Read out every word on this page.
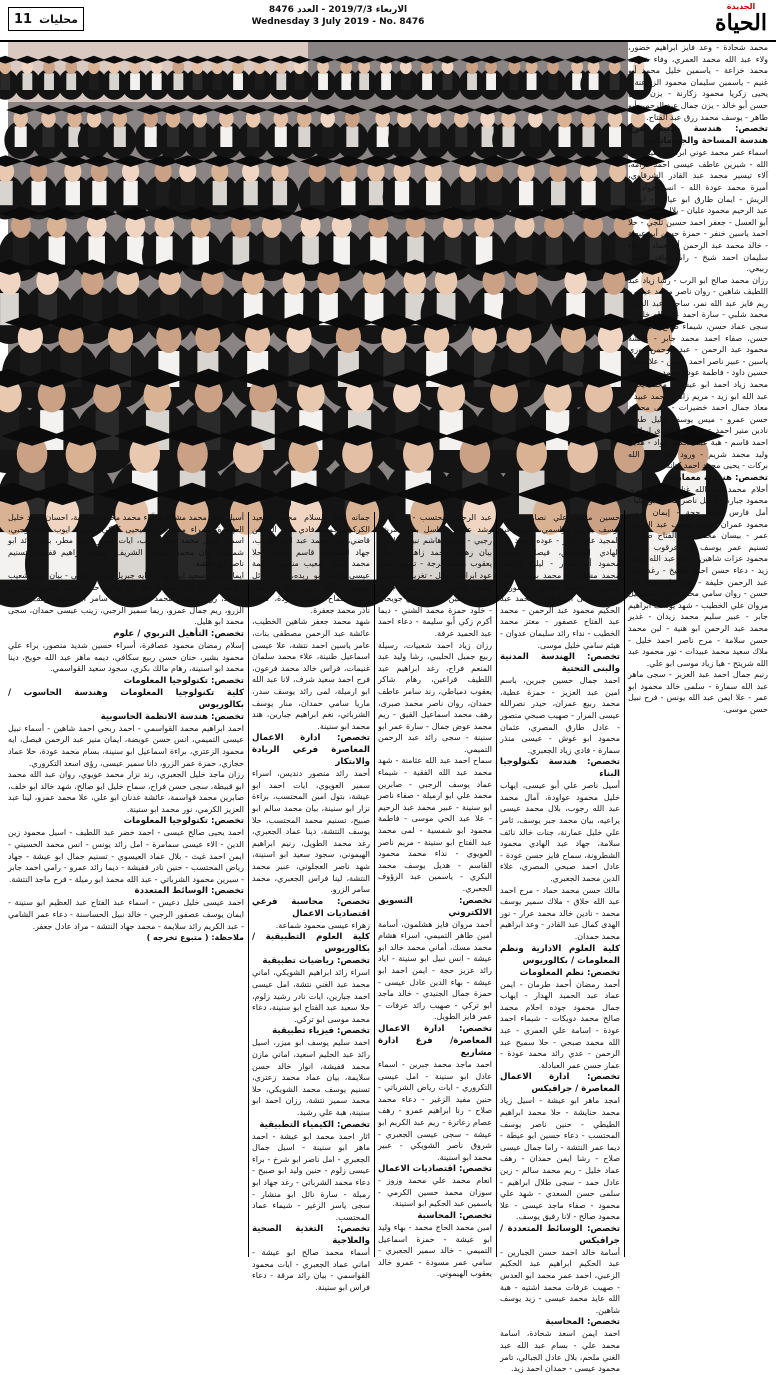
الجديدة
الحياة
الاربعاء 2019/7/3 - العدد 8476
Wednesday 3 July 2019 - No. 8476
11 محليات

محمد شحادة - وعد فايز ابراهيم خضور، ولاء عبد الله محمد العمري، وفاء شريف محمد خزاعة - ياسمين خليل محمد أبو غنيم - ياسمين سليمان محمود الزراعنة - يحيى زكريا محمود زكارنة - يزن عادل حسن أبو خالد - يزن جمال عبد الرحمن أبو طاهر - يوسف محمد رزق عبد الفتاح.

تخصص: هندسة مدنية فرع هندسة المساحة والجيوماتكس

اسماء عمر محمد عوني ابراهيم خليل عطا الله - شيرين عاطف عيسى احمد كرامه، آلاء تيسير محمد عبد القادر الشرقاوي، أميرة محمد عودة الله - انس جواد أبو الريش - ايمان طارق ابو عياش - ايهاب عبد الرحيم محمود عليان - بلال محمد خالد أبو العسل - جعفر احمد حسين ثلجي - حلا احمد ياسين خنفر - حمزة حسن أبو عيطة - خالد محمد عبد الرحمن أبو حماد - دعاء سليمان احمد شيخ - رامي نافذ حسين ربيعي.

رزان محمد صالح ابو الرب - رشا زياد عبد اللطيف شاهين - روان ناصر محمد عيسى، ريم فايز عبد الله نمر، ساجدة عبد الناصر محمد شلبي - سارة احمد عبد الله خليل - سجى عماد حسن، شيماء صالح محمد ابو حسن، صفاء احمد محمد جابر - عائشة محمود عبد الرحمن - عبد الرحمن فوزي ياسين - عبير ناصر احمد ياسين - علا محمد حسين داود - فاطمة عودة محمد جبارين.

محمد زياد احمد ابو عيشة - محمد يحيى عبد الله ابو زيد - مريم زاهي محمد عبيد - معاذ جمال احمد خضيرات - منى محمود حسن عمرو - ميس يوسف خليل طه - نادين منير احمد عودة - نور الهدى ابراهيم احمد قاسم - هبة عبد الحكيم عواد - هديل وليد محمد شريم - ورود علي عبد الله بركات - يحيى محمد احمد كتانة.

تخصص: هندسة معمارية

أحلام محمد عبد الله غنام - آلاء صبري محمود جبارة - أسيل ناصر محمد ابو عليا - أمل فارس أحمد حجة - إيمان سمير محمود عمران - بتول يوسف عبد الرحمن عمر - بيسان محمد عبد الفتاح صلاح - تسنيم عمر يوسف ابو عرقوب - حلا محمود عزات شاهين - دانة عبد الله محمد زيد - دعاء حسن احمد الشيخ - رغد عماد عبد الرحمن خليفة - رهف نادر عطا الله حسن - روان سامي محمد داود - سلسبيل مروان علي الخطيب - شهد يوسف ابراهيم جابر - عبير سليم محمد زيدان - غدير محمد عبد الرحمن ابو هنية - لين محمد حسن سلامة - مرح ناصر احمد خليل - ملاك سعيد محمد عبيدات - نور محمود عبد الله شريتح - هيا زياد موسى ابو علي.

رنيم جمال احمد عبد العزيز - سجى ماهر عبد الله سمارة - سلمى خالد محمود ابو عمر - علا ايمن عبد الله يونس - فرح نبيل حسن موسى.

حسين محمد علي نصار - عمر يوسف يونس فواسمي، عمرو عبد المجيد عامر جابر - عوده محمد عبد الهادي المحاريق، فيصل شحادة محمود أبو شرار - ليلى ابراهيم محمد مشاعلة - محمد بدر سليمان جبارين - محمد عاشور عاشور - محمد عيسى ابو صلاح - محمد عبد الحكيم محمود عبد الرحمن - محمد عبد الفتاح عصفور - معتز محمد الخطيب - نداء رائد سليمان عدوان - هيثم سامي خليل موسى.

تخصص: الهندسة المدنية والبنى التحتية

احمد جمال حسين جبرين، باسم امين عبد العزيز - حمزة عطية، محمد ربيع عمران، حيدر نصرالله عيسى المرار - صهيب صبحي منصور - عادل طارق المصري، عثمان محمود ابو غوش - عيسى منذر سمارة - فادي زياد الجعبري.

تخصص: هندسة تكنولوجيا البناء

أسيل ناصر علي أبو عيسى، ايهاب خليل محمود عواودة، آمال محمد عبد الله رجوب، بلال محمد عيسى يراعيه، بيان محمد جبر يوسف، ثامر علي خليل عمارنة، جنات خالد نائف سلامة، جهاد عبد الهادي محمود الشطرونة، سماح فايز حسن عودة - عادل احمد صبحي المصري، علاء الدين محمد الجعبري.

مالك حسن محمد حماد - مرح احمد عبد الله حلاق - ملاك سمير يوسف محمد - نادين خالد محمد عرار - نور الهدى كمال عبد القادر - وعد ابراهيم محمد حمدان.

كلية العلوم الادارية ونظم المعلومات / بكالوريوس
تخصص: نظم المعلومات

أحمد رمضان أحمد طرمان - ايمن عماد عبد الحميد الهدار - ايهاب جمال محمود جوده احلام محمد صالح محمد دويكات - شيماء احمد عودة - اسامة علي العمري - عبد الله محمد صبحي - حلا سميح عبد الرحمن - عدي رائد محمد عودة - عمار حسن عمر العبادلة.

تخصص: ادارة الاعمال المعاصرة / جرافيكس

امجد ماهر ابو عيشة - اسيل زياد محمد حنايشة - حلا محمد ابراهيم الطيطي - حنين ناصر يوسف المحتسب - دعاء حسين ابو عيطة - ديما عمر النتشة - راما جمال عيسى صلاح - رشا ايمن حمدان - رهف عماد خليل - ريم محمد سالم - زين عادل حمد - سجى طلال ابراهيم - سلمى حسن السعدي - شهد علي محمود - صفاء ماجد عيسى - علا محمود صالح - لانا رفيق يوسف.

تخصص: الوسائط المتعددة / جرافيكس

أسامة خالد احمد حسن الجبارين - عبد الحكيم ابراهيم عبد الحكيم الزعبي، احمد عمر محمد ابو العدس - صهيب عرفات محمد اشتيه - هبة الله عايد محمد عيسى - زيد يوسف شاهين.

تخصص: المحاسبة

احمد ايمن اسعد شحادة، اسامة محمد علي - بسام عبد الله عبد الغني ملحم، بلال عادل الجبالي، تامر محمود عيسى - حمدان احمد زيد.

عبد الرحمن محتسب - ايه كامل رشد عرفه - باسل بشار مرشد رجبي - بشائر هاشم نبيل شاهين، بيان زهدي محمد زاهدة - بيان يعقوب محمد قرجة - تسنيم امين عود ابراهيم نوفل - تغريد اسماعيل محمد عاشور - جنان حسن جميل جعبري، حنين ناجي حمدي جويحان - خلود حمزة محمد الشني - ديما أكرم زكي أبو سليمة - دعاء احمد عبد الحميد عرفة.

رزان زياد احمد شعبيات، رسيلة ربيع جميل الحليبي، رشا وليد عبد المنعم فراح، رغد ابراهيم عبد اللطيف قراعين، رهام شاكر يعقوب دمياطي، رند سامر عاطف حمدان، روان ناصر محمد صبرى، رهف محمد اسماعيل القيق - ريم محمد عوض جمال - سارة عمر ابو سنينة - سجى رائد عبد الرحمن التميمي.

سماح احمد عبد الله عثامنة - شهد محمد عبد الله الفقية - شيماء عماد يوسف الرجبي - صابرين محمد علي ابو ارميلة - صفاء ناصر ابو سنينة - عبير محمد عبد الرحيم - علا عبد الحي موسى - فاطمة محمود ابو شمسية - لمى محمد عبد الفتاح ابو سنينة - مريم ناصر العويوي - نداء محمد محمود القاسم - هديل يوسف محمد البكري - ياسمين عبد الرؤوف الجعبري.

تخصص: التسويق الالكتروني

أحمد مروان فايز هشلمون، أسامة امين طاهر التميمي، اسراء هشام محمد مسك، أماني محمد خالد ابو عيشة - انس نبيل ابو سنينة - اياد رائد عزيز حجة - ايمن احمد ابو عيشة - بهاء الدين عادل عيسى - حمزة جمال الجنيدي - خالد ماجد ابو تركي - صهيب رائد عرفات - عمر فايز الطويل.

تخصص: ادارة الاعمال المعاصرة/ فرع ادارة مشاريع

احمد ماجد محمد جبرين - اسماء عادل ابو سنينة - امل عيسى التكروري - ايات رياض الشرباتي - حنين مفيد الزغير - دعاء محمد صلاح - رنا ابراهيم عمرو - رهف عصام زعاترة - ريم عبد الكريم ابو عيشة - سجى عيسى الجعبري - شروق ناصر الشويكي - عبير محمد ابو اسنينة.

تخصص: اقتصاديات الاعمال

انعام محمد علي محمد وزوز - سوزان محمد حسين الكرمي - ياسمين عبد الحكيم ابو اسنينة.

تخصص: المحاسبة

امين محمد الحاج محمد - بهاء وليد ابو عيشة - حمزة اسماعيل التميمي - خالد سمير الجعبري - سامي عمر مسودة - عمرو خالد يعقوب الهيموني.

جمانه عبد السلام محمد اسعيد الكركي، جمانه فادي عبد الرحمن قاضي، جنه محمد عبد الله الغريب، جهاد اسماعيل قاسم بخاري، حلا محمد شاكر شعيب منصور، رحمة عيسى احمد ابو ريده، رزان نائل عيسى عرقة، رنين ايهاب رشاد زغير، سماح رشيد عواودة، ميس نادر محمد جعفرة.

شهد محمد جعفر شاهين الخطيب، عائشة عبد الرحمن مصطفى بنات، عامر ياسين احمد نتشة، علا عيسى اسماعيل طنينة، علاء محمد سلمان غنيمات، فراس خالد محمد فرعون، فرح احمد سعيد شرف، لانا عبد الله ابو ارميلة، لمى رائد يوسف سدر، ماريا سامي حمدان، منار يوسف الشرباتي، نغم ابراهيم جبارين، هند محمد ابو سنينة.

تخصص: ادارة الاعمال المعاصرة فرعي الريادة والابتكار

أحمد رائد منصور دنديس، اسراء سمير العويوي، ايات احمد ابو عيشة، بتول امين المحتسب، براءة نزار ابو سنينة، بيان محمد سالم ابو صبيح، تسنيم محمد المحتسب، حلا يوسف النتشة، دينا عماد الجعبري، رغد محمد الطويل، رنيم ابراهيم الهيموني، سجود سعيد ابو اسنينة، شهد ناصر العجلوني، عبير محمد النتشة، لينا فراس الجعبري، محمد سامر الزرو.

تخصص: محاسبة فرعي اقتصاديات الاعمال

زهراء عيسى محمود شماعة.

كلية العلوم التطبيقية / بكالوريوس
تخصص: رياضيات تطبيقية

اسراء رائد ابراهيم الشويكي، اماني محمد عبد الغني نتشة، امل عيسى احمد جبارين، ايات نادر رشيد زلوم، حلا سعيد عبد الفتاح ابو سنينة، دعاء محمد موسى ابو تركي.

تخصص: فيزياء تطبيقية

احمد سليم يوسف ابو ميزر، اسيل رائد عبد الحليم اسعيد، اماني مازن محمد قفيشة، انوار خالد حسن سلايمة، بيان عماد محمد زعتري، تسنيم يوسف محمد الشويكي، حلا محمد سمير نتشة، رزان احمد ابو سنينة، هبة علي رشيد.

تخصص: الكيمياء التطبيقية

اثار احمد محمد ابو عيشة - احمد ماهر ابو سنينة - اسيل جمال الجعبري - امل ناصر ابو شرخ - براء عيسى زلوم - حنين وليد ابو صبيح - دعاء محمد الشرباتي - رغد جهاد ابو رميلة - سارة نائل ابو منشار - سجى ياسر الزغير - شيماء عماد المحتسب.

تخصص: التغذية الصحية والعلاجية

أسماء محمد صالح ابو عيشة - اماني عماد الجعبري - ايات محمود القواسمي - بيان رائد مرقة - دعاء فراس ابو سنينة.

أسيل وائل محمد مشاهرة، آلاء محمد محمود مراعبة، احسان احمد خليل العواودة، اسراء محمد حازم يحيى كركي، اسراء ايوب حامد رجبي، اسماء نضال محمد جمال ايوب، ايات سمير احمد مطر، بتول رائد ابو شمسية، بيان محمد سلطان الشريف، بيسان ابراهيم قفيشة، تسنيم ناصر ابو عيشة.

ايمان ناصر سعيد ابو الهيجا - ايه جبريل محمد اقنيبي - بيان جهاد شعيب سلايمة - بيان ديب محمود طه ابو صالح، حنين خليل حسن اسماعيل مجاهد، رزان حسين محمد الالهيه، رغد سامر ابو سنينة، رهف فراس الزرو، ريم جمال عمرو، ريما سمير الرجبي، زينب عيسى حمدان، سجى محمد ابو هليل.

تخصص: التأهيل التربوي / علوم

إسلام رمضان محمود عصافرة، أسراء حسين شديد منصور، براء علي محمود بشير، حنان حسن ربيع سكافي، ديمه ماهر عبد الله حويح، دينا محمد ابو اسنينة، رهام مالك بكري، سجود سعيد القواسمي.

تخصص: تكنولوجيا المعلومات
كلية تكنولوجيا المعلومات وهندسة الحاسوب / بكالوريوس
تخصص: هندسة الانظمة الحاسوبية

احمد ابراهيم محمد القواسمي - احمد ربحي احمد شاهين - أسماء نبيل عيسى التميمي، انس حسن عويضة، ايمان منير عبد الرحمن فيصل، ايه محمود الزعتري، براءة اسماعيل ابو سنينة، بسام محمد عودة، حلا عماد حجازي، حمزة عمر الزرو، دانا سمير عيسى، رؤى اسعد التكروري.

رزان ماجد خليل الجعبري، رند نزار محمد عويوي، روان عبد الله محمد ابو قبيطة، سجى حسن فراح، سماح خليل ابو صالح، شهد خالد ابو خلف، صابرين محمد قواسمة، عائشة عدنان ابو علي، علا محمد عمرو، لينا عبد العزيز الكرمي، نور محمد ابو سنينة.

تخصص: تكنولوجيا المعلومات

احمد يحيى صالح عيسى - احمد خضر عبد اللطيف - اسيل محمود زين الدين - الاء عيسى سمامرة - امل رائد يونس - انس محمد الحسيني - ايمن احمد غيث - بلال عماد العيسوي - تسنيم جمال ابو عيشة - جهاد رياض المحتسب - حنين نادر قفيشة - ديما رائد عمرو - رامي احمد جابر - سيرين محمود الشرباتي - عبد الله محمد ابو رميلة - فرح ماجد النتشة.

تخصص: الوسائط المتعددة

احمد عيسى خليل دعيس - اسماء عبد الفتاح عبد العظيم ابو سنينة - ايمان يوسف عصفور الرجبي - خالد نبيل الحساسنة - دعاء عمر الشامي - عبد الكريم رائد سلايمة - محمد جهاد النتشة - مراد عادل جعفر.

ملاحظة: ( متبوع تخرجه )
